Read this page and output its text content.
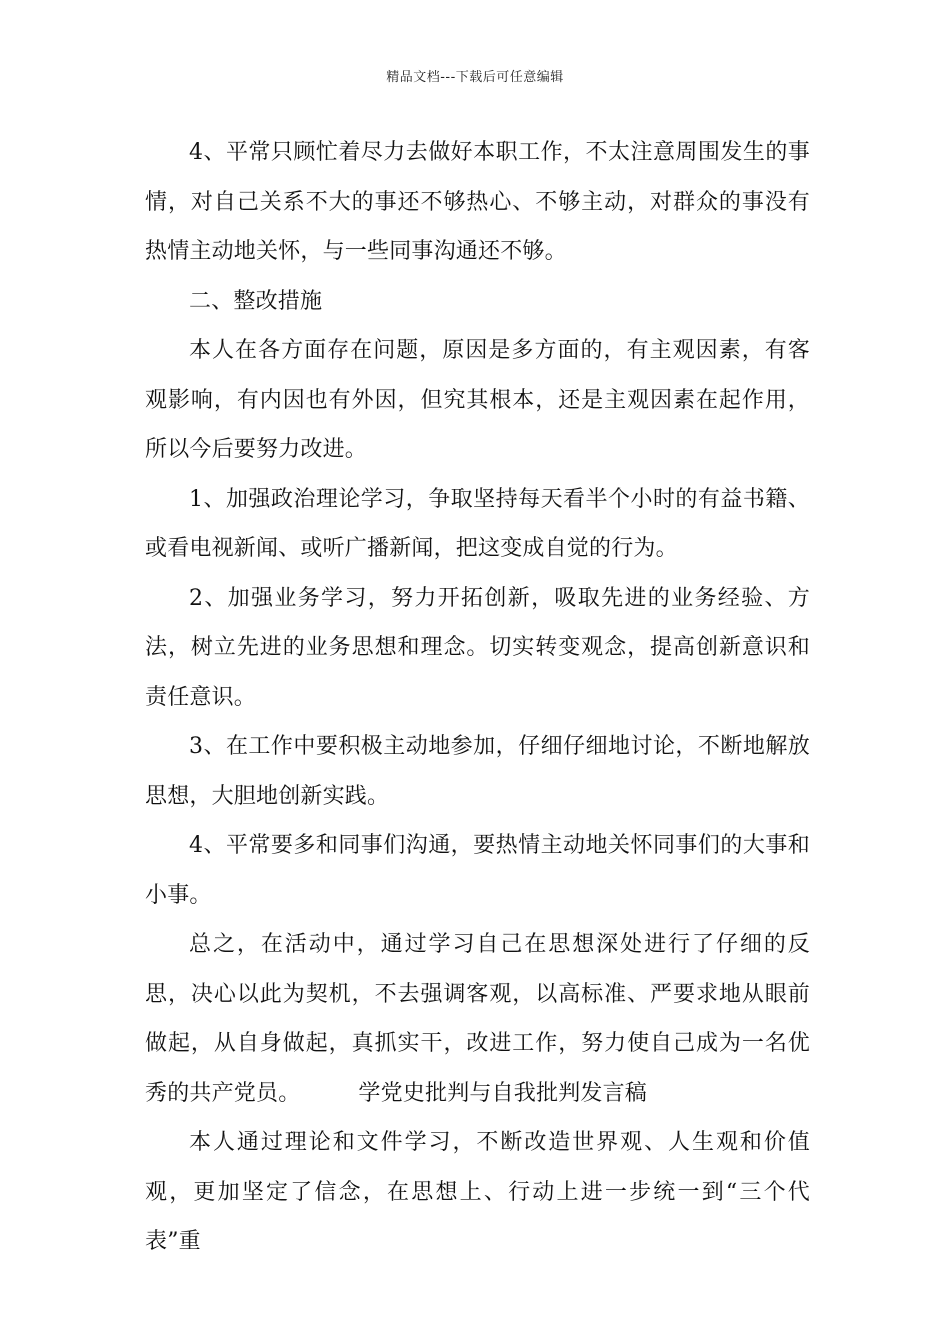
精品文档---下载后可任意编辑

4、平常只顾忙着尽力去做好本职工作，不太注意周围发生的事情，对自己关系不大的事还不够热心、不够主动，对群众的事没有热情主动地关怀，与一些同事沟通还不够。

二、整改措施

本人在各方面存在问题，原因是多方面的，有主观因素，有客观影响，有内因也有外因，但究其根本，还是主观因素在起作用，所以今后要努力改进。

1、加强政治理论学习，争取坚持每天看半个小时的有益书籍、或看电视新闻、或听广播新闻，把这变成自觉的行为。

2、加强业务学习，努力开拓创新，吸取先进的业务经验、方法，树立先进的业务思想和理念。切实转变观念，提高创新意识和责任意识。

3、在工作中要积极主动地参加，仔细仔细地讨论，不断地解放思想，大胆地创新实践。

4、平常要多和同事们沟通，要热情主动地关怀同事们的大事和小事。

总之，在活动中，通过学习自己在思想深处进行了仔细的反思，决心以此为契机，不去强调客观，以高标准、严要求地从眼前做起，从自身做起，真抓实干，改进工作，努力使自己成为一名优秀的共产党员。	学党史批判与自我批判发言稿

本人通过理论和文件学习，不断改造世界观、人生观和价值观，更加坚定了信念，在思想上、行动上进一步统一到“三个代表”重
